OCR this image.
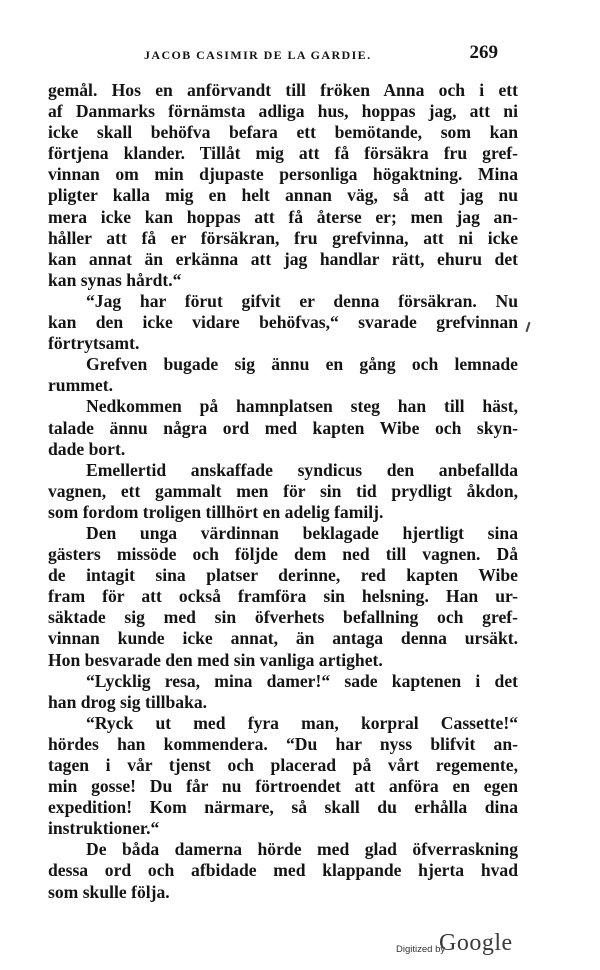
JACOB CASIMIR DE LA GARDIE.	269
gemål. Hos en anförvandt till fröken Anna och i ett
af Danmarks förnämsta adliga hus, hoppas jag, att ni
icke skall behöfva befara ett bemötande, som kan
förtjena klander. Tillåt mig att få försäkra fru gref-
vinnan om min djupaste personliga högaktning. Mina
pligter kalla mig en helt annan väg, så att jag nu
mera icke kan hoppas att få återse er; men jag an-
håller att få er försäkran, fru grefvinna, att ni icke
kan annat än erkänna att jag handlar rätt, ehuru det
kan synas hårdt.“
“Jag har förut gifvit er denna försäkran. Nu
kan den icke vidare behöfvas,“ svarade grefvinnan
förtrytsamt.
Grefven bugade sig ännu en gång och lemnade
rummet.
Nedkommen på hamnplatsen steg han till häst,
talade ännu några ord med kapten Wibe och skyn-
dade bort.
Emellertid anskaffade syndicus den anbefallda
vagnen, ett gammalt men för sin tid prydligt åkdon,
som fordom troligen tillhört en adelig familj.
Den unga värdinnan beklagade hjertligt sina
gästers missöde och följde dem ned till vagnen. Då
de intagit sina platser derinne, red kapten Wibe
fram för att också framföra sin helsning. Han ur-
säktade sig med sin öfverhets befallning och gref-
vinnan kunde icke annat, än antaga denna ursäkt.
Hon besvarade den med sin vanliga artighet.
“Lycklig resa, mina damer!“ sade kaptenen i det
han drog sig tillbaka.
“Ryck ut med fyra man, korpral Cassette!“
hördes han kommendera. “Du har nyss blifvit an-
tagen i vår tjenst och placerad på vårt regemente,
min gosse! Du får nu förtroendet att anföra en egen
expedition! Kom närmare, så skall du erhålla dina
instruktioner.“
De båda damerna hörde med glad öfverraskning
dessa ord och afbidade med klappande hjerta hvad
som skulle följa.
Digitized by
Google
